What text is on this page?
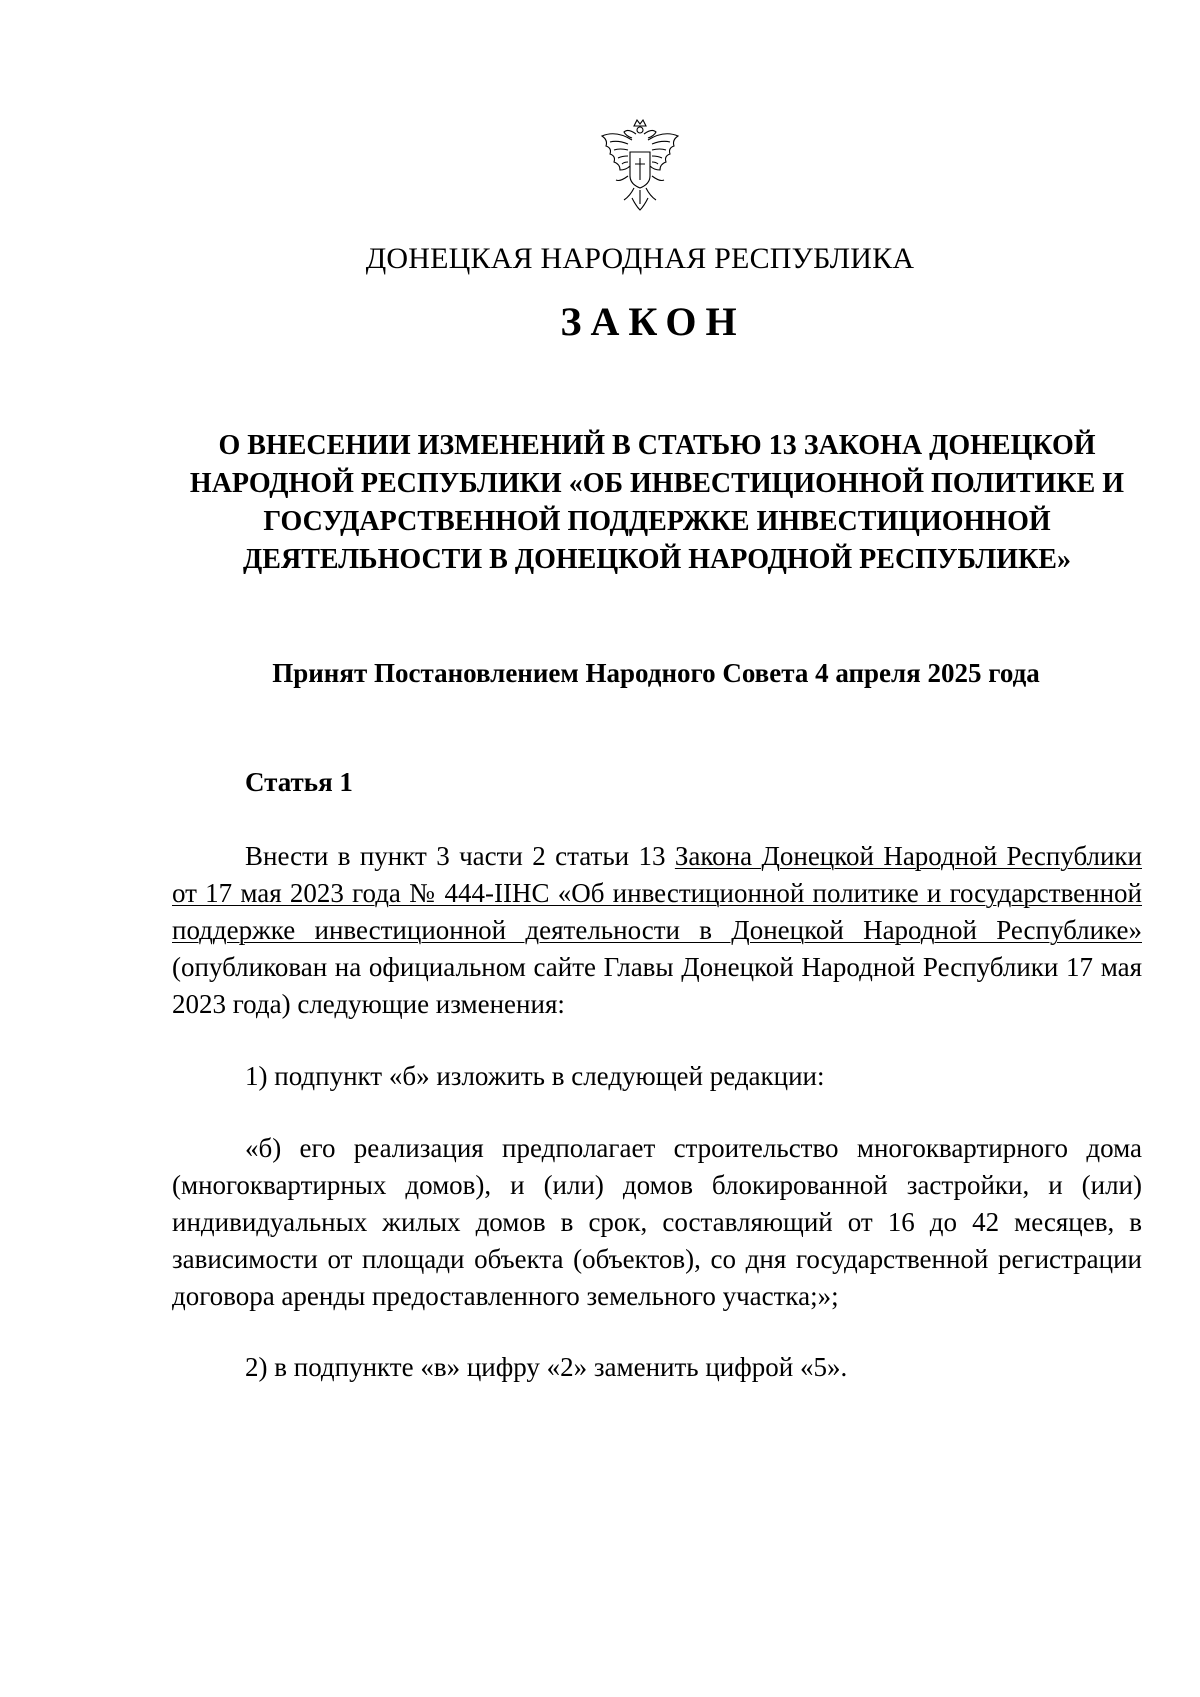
ДОНЕЦКАЯ НАРОДНАЯ РЕСПУБЛИКА
ЗАКОН
О ВНЕСЕНИИ ИЗМЕНЕНИЙ В СТАТЬЮ 13 ЗАКОНА ДОНЕЦКОЙ НАРОДНОЙ РЕСПУБЛИКИ «ОБ ИНВЕСТИЦИОННОЙ ПОЛИТИКЕ И ГОСУДАРСТВЕННОЙ ПОДДЕРЖКЕ ИНВЕСТИЦИОННОЙ ДЕЯТЕЛЬНОСТИ В ДОНЕЦКОЙ НАРОДНОЙ РЕСПУБЛИКЕ»
Принят Постановлением Народного Совета 4 апреля 2025 года
Статья 1

Внести в пункт 3 части 2 статьи 13 Закона Донецкой Народной Республики от 17 мая 2023 года № 444-IIНС «Об инвестиционной политике и государственной поддержке инвестиционной деятельности в Донецкой Народной Республике» (опубликован на официальном сайте Главы Донецкой Народной Республики 17 мая 2023 года) следующие изменения:

1) подпункт «б» изложить в следующей редакции:

«б) его реализация предполагает строительство многоквартирного дома (многоквартирных домов), и (или) домов блокированной застройки, и (или) индивидуальных жилых домов в срок, составляющий от 16 до 42 месяцев, в зависимости от площади объекта (объектов), со дня государственной регистрации договора аренды предоставленного земельного участка;»;

2) в подпункте «в» цифру «2» заменить цифрой «5».
